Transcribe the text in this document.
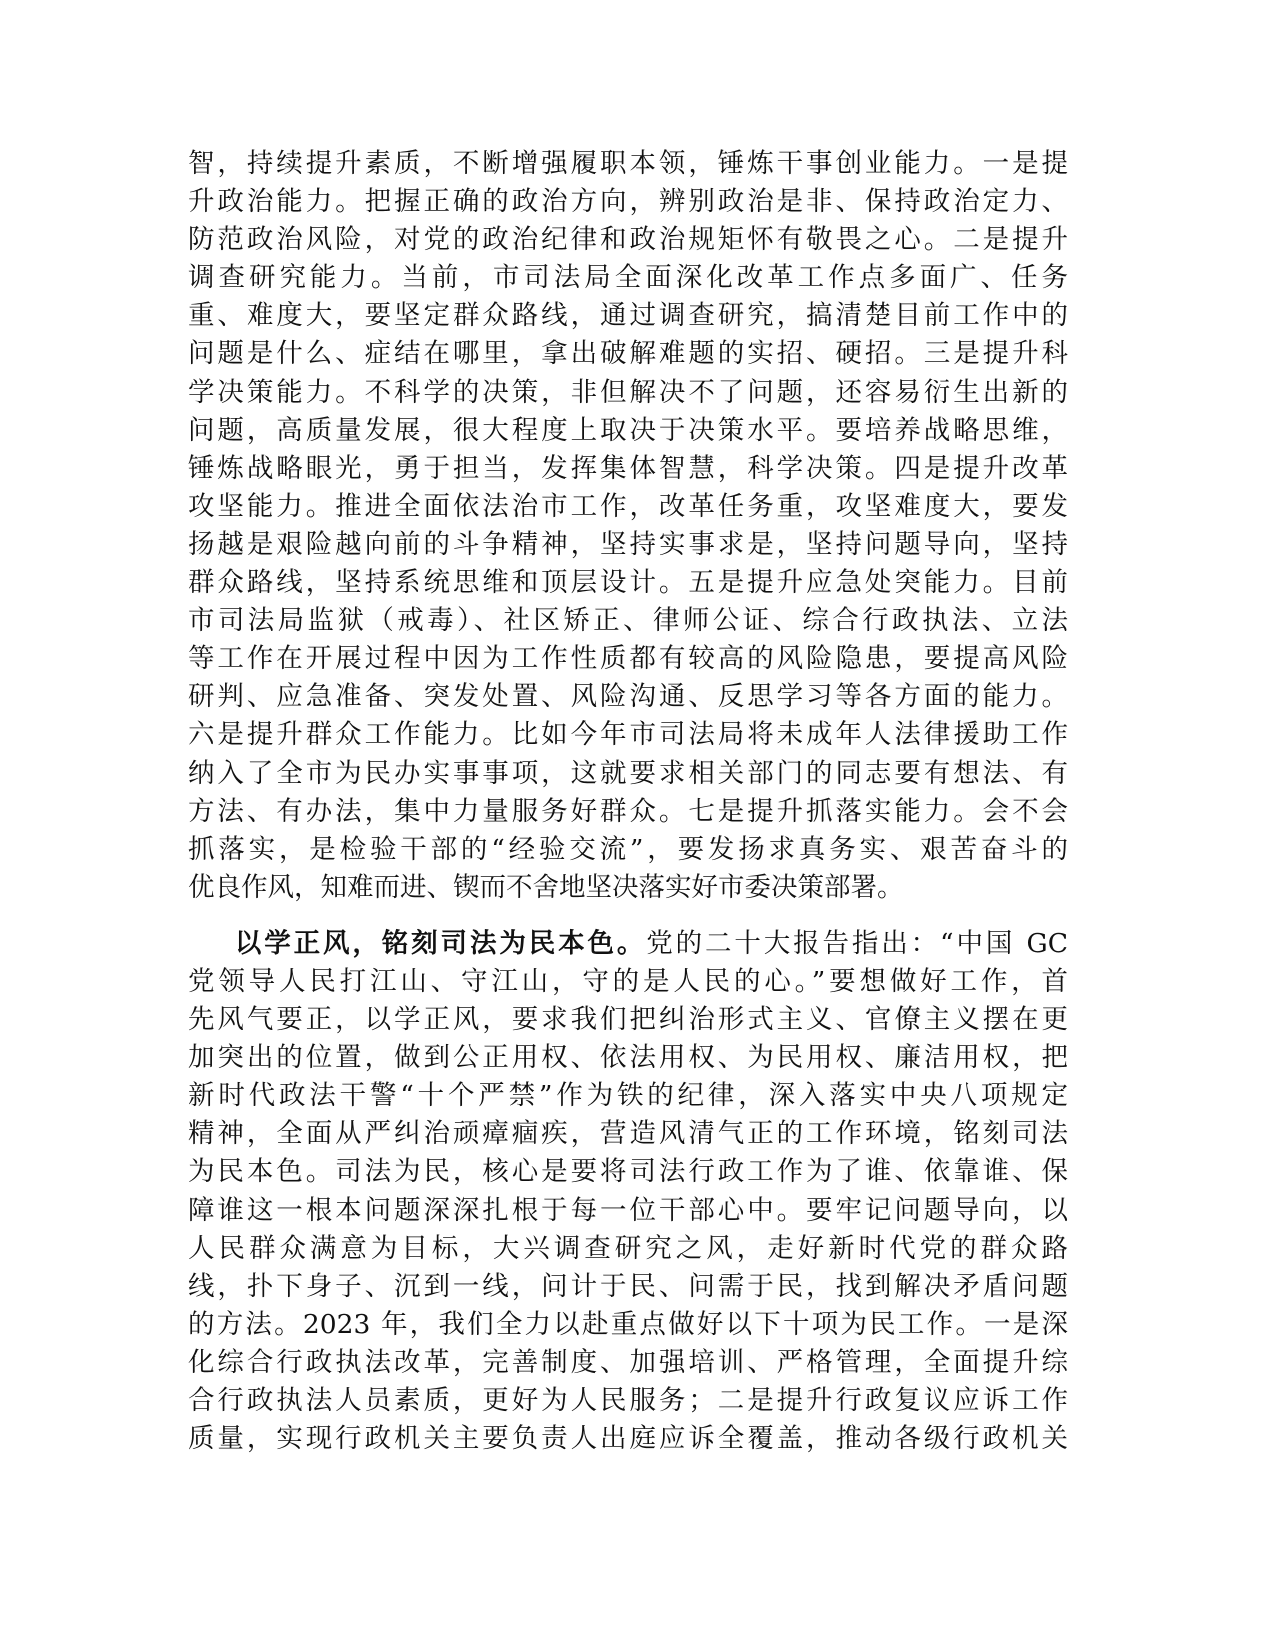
智，持续提升素质，不断增强履职本领，锤炼干事创业能力。一是提
升政治能力。把握正确的政治方向，辨别政治是非、保持政治定力、
防范政治风险，对党的政治纪律和政治规矩怀有敬畏之心。二是提升
调查研究能力。当前，市司法局全面深化改革工作点多面广、任务
重、难度大，要坚定群众路线，通过调查研究，搞清楚目前工作中的
问题是什么、症结在哪里，拿出破解难题的实招、硬招。三是提升科
学决策能力。不科学的决策，非但解决不了问题，还容易衍生出新的
问题，高质量发展，很大程度上取决于决策水平。要培养战略思维，
锤炼战略眼光，勇于担当，发挥集体智慧，科学决策。四是提升改革
攻坚能力。推进全面依法治市工作，改革任务重，攻坚难度大，要发
扬越是艰险越向前的斗争精神，坚持实事求是，坚持问题导向，坚持
群众路线，坚持系统思维和顶层设计。五是提升应急处突能力。目前
市司法局监狱（戒毒）、社区矫正、律师公证、综合行政执法、立法
等工作在开展过程中因为工作性质都有较高的风险隐患，要提高风险
研判、应急准备、突发处置、风险沟通、反思学习等各方面的能力。
六是提升群众工作能力。比如今年市司法局将未成年人法律援助工作
纳入了全市为民办实事事项，这就要求相关部门的同志要有想法、有
方法、有办法，集中力量服务好群众。七是提升抓落实能力。会不会
抓落实，是检验干部的“经验交流”，要发扬求真务实、艰苦奋斗的
优良作风，知难而进、锲而不舍地坚决落实好市委决策部署。
以学正风，铭刻司法为民本色。党的二十大报告指出：“中国 GC
党领导人民打江山、守江山，守的是人民的心。”要想做好工作，首
先风气要正，以学正风，要求我们把纠治形式主义、官僚主义摆在更
加突出的位置，做到公正用权、依法用权、为民用权、廉洁用权，把
新时代政法干警“十个严禁”作为铁的纪律，深入落实中央八项规定
精神，全面从严纠治顽瘴痼疾，营造风清气正的工作环境，铭刻司法
为民本色。司法为民，核心是要将司法行政工作为了谁、依靠谁、保
障谁这一根本问题深深扎根于每一位干部心中。要牢记问题导向，以
人民群众满意为目标，大兴调查研究之风，走好新时代党的群众路
线，扑下身子、沉到一线，问计于民、问需于民，找到解决矛盾问题
的方法。2023 年，我们全力以赴重点做好以下十项为民工作。一是深
化综合行政执法改革，完善制度、加强培训、严格管理，全面提升综
合行政执法人员素质，更好为人民服务；二是提升行政复议应诉工作
质量，实现行政机关主要负责人出庭应诉全覆盖，推动各级行政机关
